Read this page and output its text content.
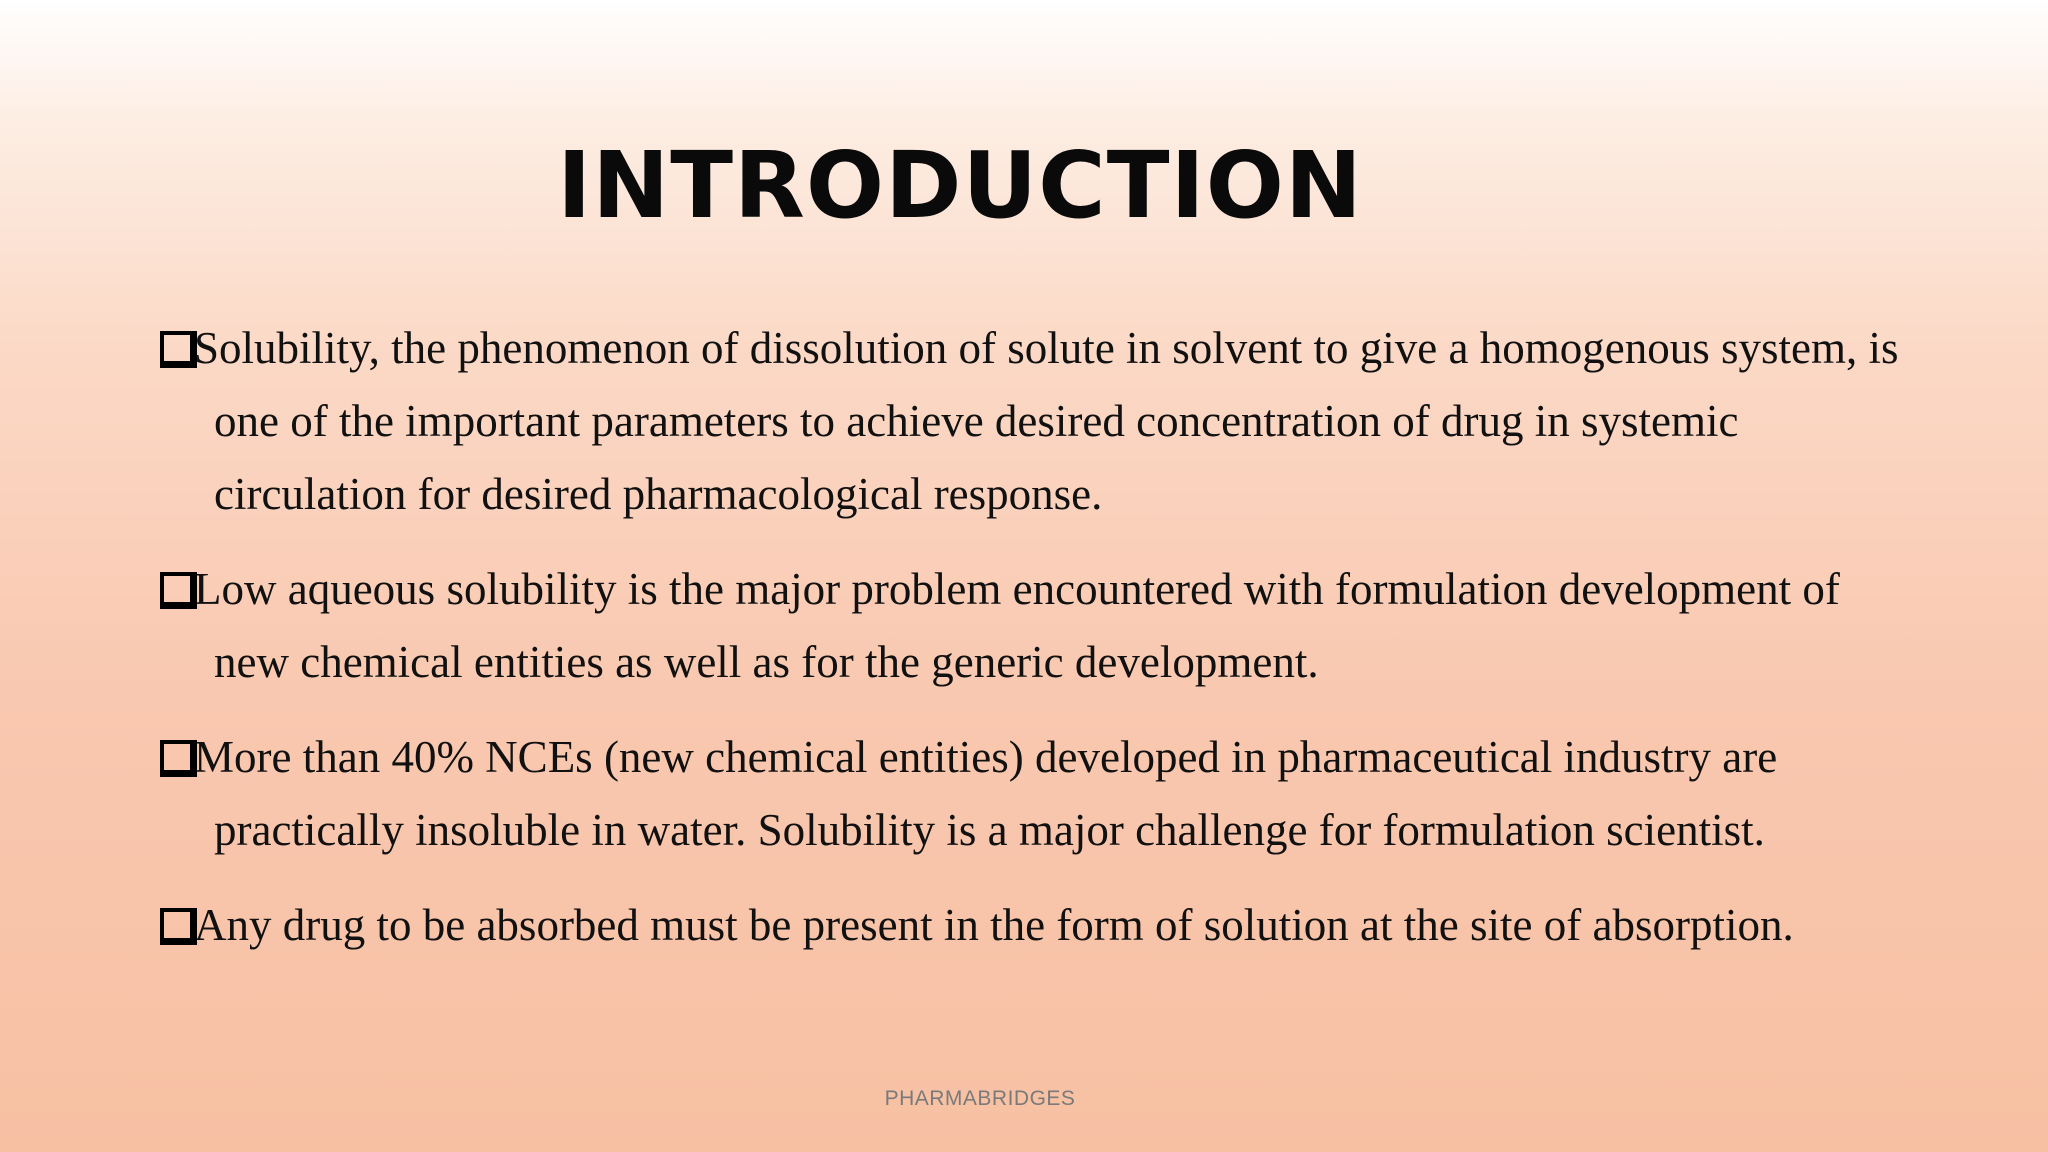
INTRODUCTION
Solubility, the phenomenon of dissolution of solute in solvent to give a homogenous system, is one of the important parameters to achieve desired concentration of drug in systemic circulation for desired pharmacological response.
Low aqueous solubility is the major problem encountered with formulation development of new chemical entities as well as for the generic development.
More than 40% NCEs (new chemical entities) developed in pharmaceutical industry are practically insoluble in water. Solubility is a major challenge for formulation scientist.
Any drug to be absorbed must be present in the form of solution at the site of absorption.
PHARMABRIDGES
